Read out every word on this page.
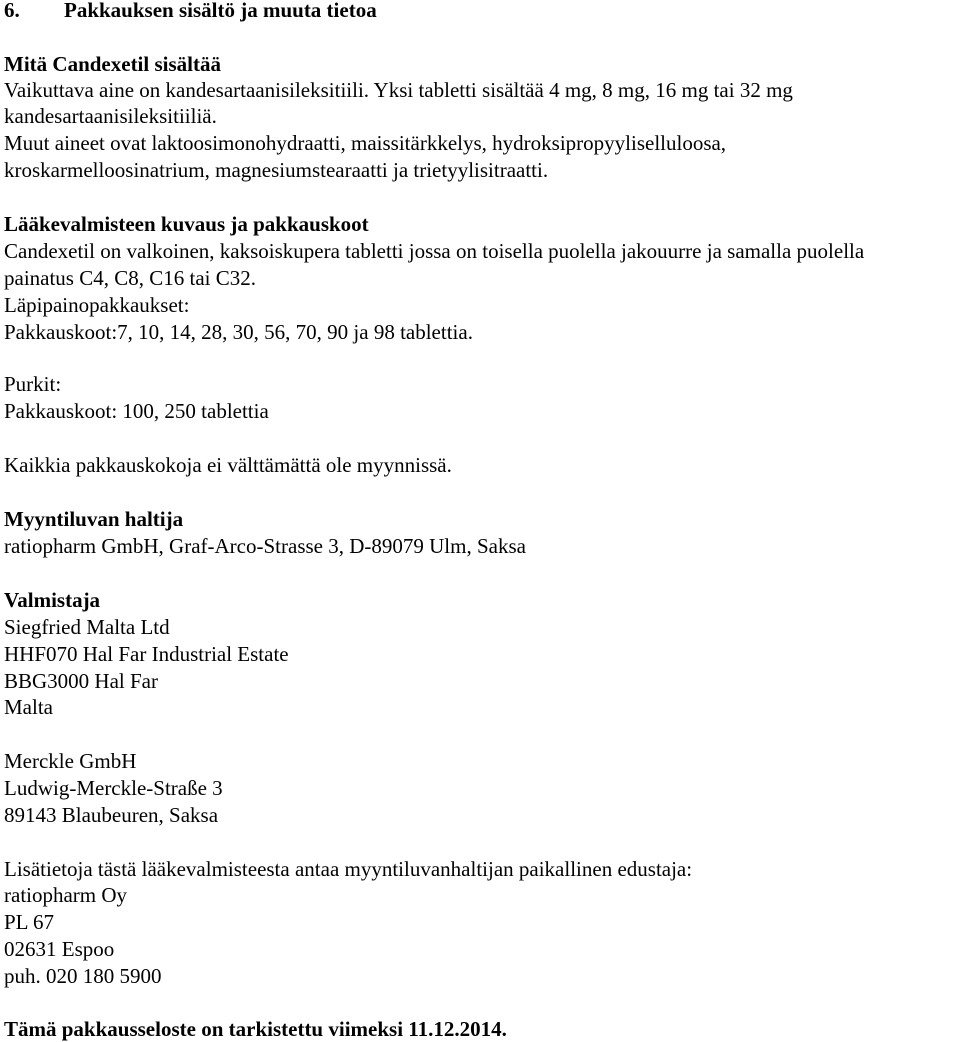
6. Pakkauksen sisältö ja muuta tietoa
Mitä Candexetil sisältää
Vaikuttava aine on kandesartaanisileksitiili. Yksi tabletti sisältää 4 mg, 8 mg, 16 mg tai 32 mg
kandesartaanisileksitiiliä.
Muut aineet ovat laktoosimonohydraatti, maissitärkkelys, hydroksipropyyliselluloosa,
kroskarmelloosinatrium, magnesiumstearaatti ja trietyylisitraatti.
Lääkevalmisteen kuvaus ja pakkauskoot
Candexetil on valkoinen, kaksoiskupera tabletti jossa on toisella puolella jakouurre ja samalla puolella
painatus C4, C8, C16 tai C32.
Läpipainopakkaukset:
Pakkauskoot:7, 10, 14, 28, 30, 56, 70, 90 ja 98 tablettia.
Purkit:
Pakkauskoot: 100, 250 tablettia
Kaikkia pakkauskokoja ei välttämättä ole myynnissä.
Myyntiluvan haltija
ratiopharm GmbH, Graf-Arco-Strasse 3, D-89079 Ulm, Saksa
Valmistaja
Siegfried Malta Ltd
HHF070 Hal Far Industrial Estate
BBG3000 Hal Far
Malta
Merckle GmbH
Ludwig-Merckle-Straße 3
89143 Blaubeuren, Saksa
Lisätietoja tästä lääkevalmisteesta antaa myyntiluvanhaltijan paikallinen edustaja:
ratiopharm Oy
PL 67
02631 Espoo
puh. 020 180 5900
Tämä pakkausseloste on tarkistettu viimeksi 11.12.2014.
